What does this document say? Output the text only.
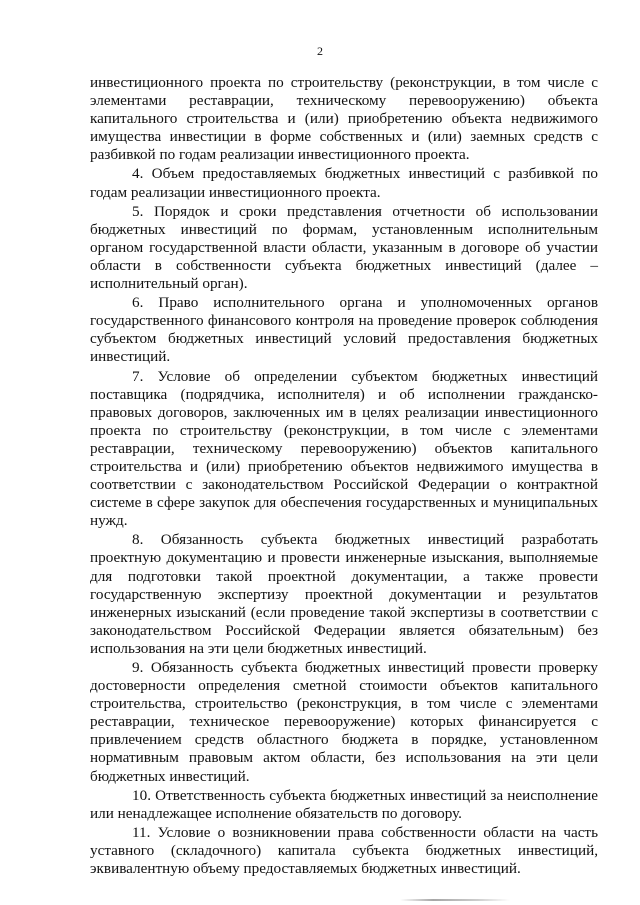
2

инвестиционного проекта по строительству (реконструкции, в том числе с элементами реставрации, техническому перевооружению) объекта капитального строительства и (или) приобретению объекта недвижимого имущества инвестиции в форме собственных и (или) заемных средств с разбивкой по годам реализации инвестиционного проекта.

4. Объем предоставляемых бюджетных инвестиций с разбивкой по годам реализации инвестиционного проекта.

5. Порядок и сроки представления отчетности об использовании бюджетных инвестиций по формам, установленным исполнительным органом государственной власти области, указанным в договоре об участии области в собственности субъекта бюджетных инвестиций (далее – исполнительный орган).

6. Право исполнительного органа и уполномоченных органов государственного финансового контроля на проведение проверок соблюдения субъектом бюджетных инвестиций условий предоставления бюджетных инвестиций.

7. Условие об определении субъектом бюджетных инвестиций поставщика (подрядчика, исполнителя) и об исполнении гражданско-правовых договоров, заключенных им в целях реализации инвестиционного проекта по строительству (реконструкции, в том числе с элементами реставрации, техническому перевооружению) объектов капитального строительства и (или) приобретению объектов недвижимого имущества в соответствии с законодательством Российской Федерации о контрактной системе в сфере закупок для обеспечения государственных и муниципальных нужд.

8. Обязанность субъекта бюджетных инвестиций разработать проектную документацию и провести инженерные изыскания, выполняемые для подготовки такой проектной документации, а также провести государственную экспертизу проектной документации и результатов инженерных изысканий (если проведение такой экспертизы в соответствии с законодательством Российской Федерации является обязательным) без использования на эти цели бюджетных инвестиций.

9. Обязанность субъекта бюджетных инвестиций провести проверку достоверности определения сметной стоимости объектов капитального строительства, строительство (реконструкция, в том числе с элементами реставрации, техническое перевооружение) которых финансируется с привлечением средств областного бюджета в порядке, установленном нормативным правовым актом области, без использования на эти цели бюджетных инвестиций.

10. Ответственность субъекта бюджетных инвестиций за неисполнение или ненадлежащее исполнение обязательств по договору.

11. Условие о возникновении права собственности области на часть уставного (складочного) капитала субъекта бюджетных инвестиций, эквивалентную объему предоставляемых бюджетных инвестиций.
